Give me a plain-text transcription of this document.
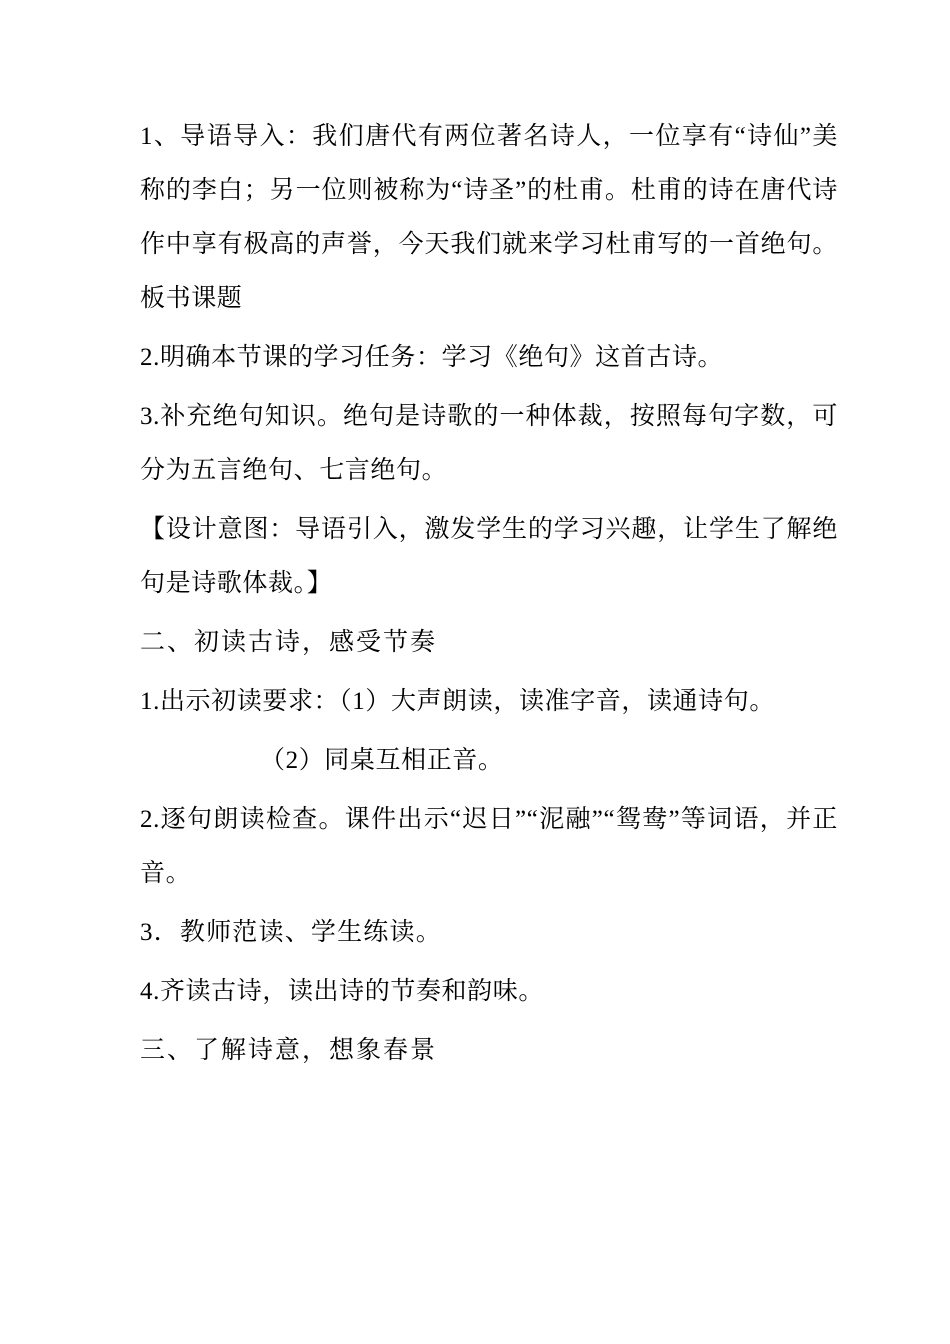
1、导语导入：我们唐代有两位著名诗人，一位享有“诗仙”美称的李白；另一位则被称为“诗圣”的杜甫。杜甫的诗在唐代诗作中享有极高的声誉，今天我们就来学习杜甫写的一首绝句。板书课题

2.明确本节课的学习任务：学习《绝句》这首古诗。

3.补充绝句知识。绝句是诗歌的一种体裁，按照每句字数，可分为五言绝句、七言绝句。

【设计意图：导语引入，激发学生的学习兴趣，让学生了解绝句是诗歌体裁。】

二、初读古诗，感受节奏

1.出示初读要求：（1）大声朗读，读准字音，读通诗句。

（2）同桌互相正音。

2.逐句朗读检查。课件出示“迟日”“泥融”“鸳鸯”等词语，并正音。

3．教师范读、学生练读。

4.齐读古诗，读出诗的节奏和韵味。

三、了解诗意，想象春景
